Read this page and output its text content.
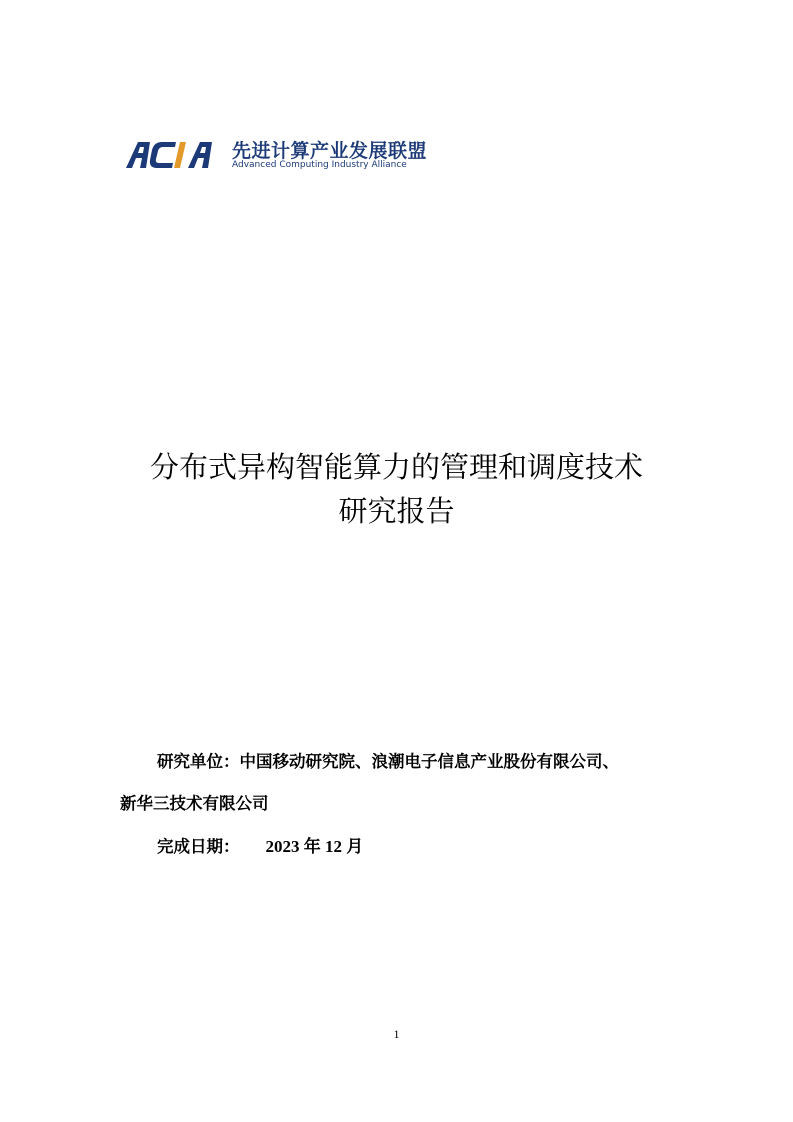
先进计算产业发展联盟
Advanced Computing Industry Alliance
分布式异构智能算力的管理和调度技术
研究报告
研究单位：中国移动研究院、浪潮电子信息产业股份有限公司、
新华三技术有限公司
完成日期： 2023 年 12 月
1
